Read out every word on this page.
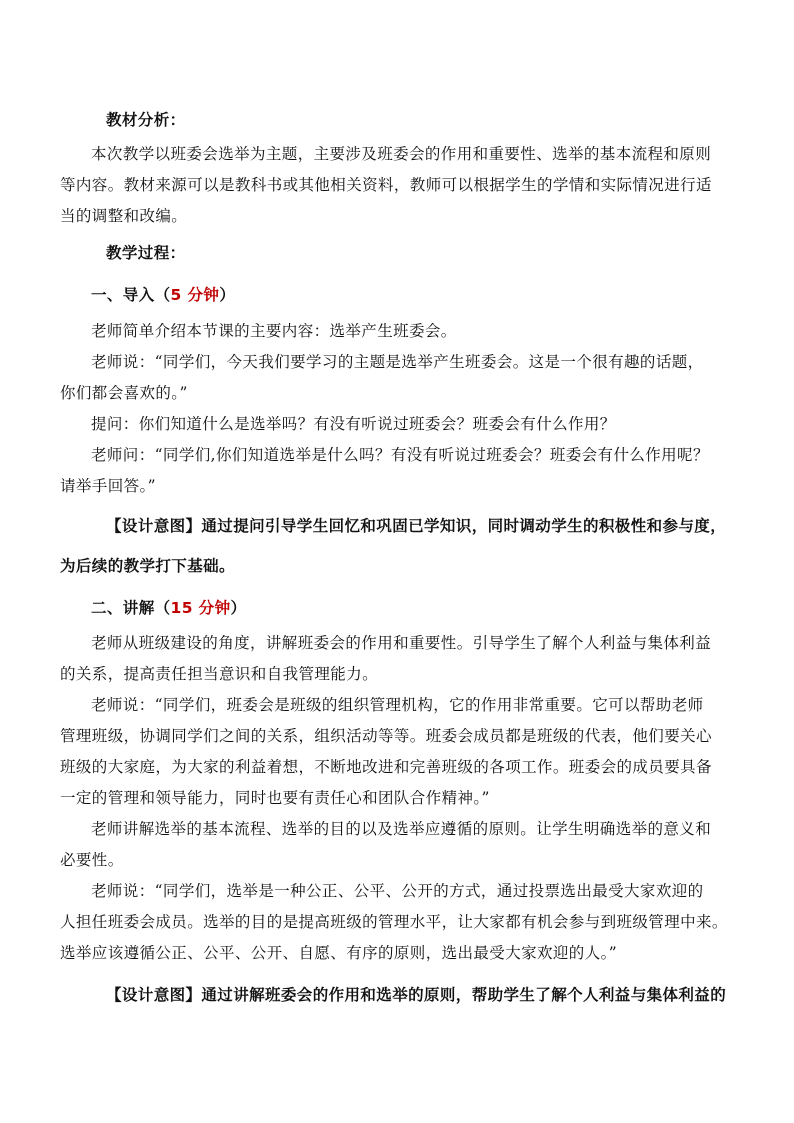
教材分析：
本次教学以班委会选举为主题，主要涉及班委会的作用和重要性、选举的基本流程和原则
等内容。教材来源可以是教科书或其他相关资料，教师可以根据学生的学情和实际情况进行适
当的调整和改编。
教学过程：
一、导入（5 分钟）
老师简单介绍本节课的主要内容：选举产生班委会。
老师说：“同学们，今天我们要学习的主题是选举产生班委会。这是一个很有趣的话题，
你们都会喜欢的。”
提问：你们知道什么是选举吗？有没有听说过班委会？班委会有什么作用？
老师问：“同学们,你们知道选举是什么吗？有没有听说过班委会？班委会有什么作用呢？
请举手回答。”
【设计意图】通过提问引导学生回忆和巩固已学知识，同时调动学生的积极性和参与度，
为后续的教学打下基础。
二、讲解（15 分钟）
老师从班级建设的角度，讲解班委会的作用和重要性。引导学生了解个人利益与集体利益
的关系，提高责任担当意识和自我管理能力。
老师说：“同学们，班委会是班级的组织管理机构，它的作用非常重要。它可以帮助老师
管理班级，协调同学们之间的关系，组织活动等等。班委会成员都是班级的代表，他们要关心
班级的大家庭，为大家的利益着想，不断地改进和完善班级的各项工作。班委会的成员要具备
一定的管理和领导能力，同时也要有责任心和团队合作精神。”
老师讲解选举的基本流程、选举的目的以及选举应遵循的原则。让学生明确选举的意义和
必要性。
老师说：“同学们，选举是一种公正、公平、公开的方式，通过投票选出最受大家欢迎的
人担任班委会成员。选举的目的是提高班级的管理水平，让大家都有机会参与到班级管理中来。
选举应该遵循公正、公平、公开、自愿、有序的原则，选出最受大家欢迎的人。”
【设计意图】通过讲解班委会的作用和选举的原则，帮助学生了解个人利益与集体利益的
